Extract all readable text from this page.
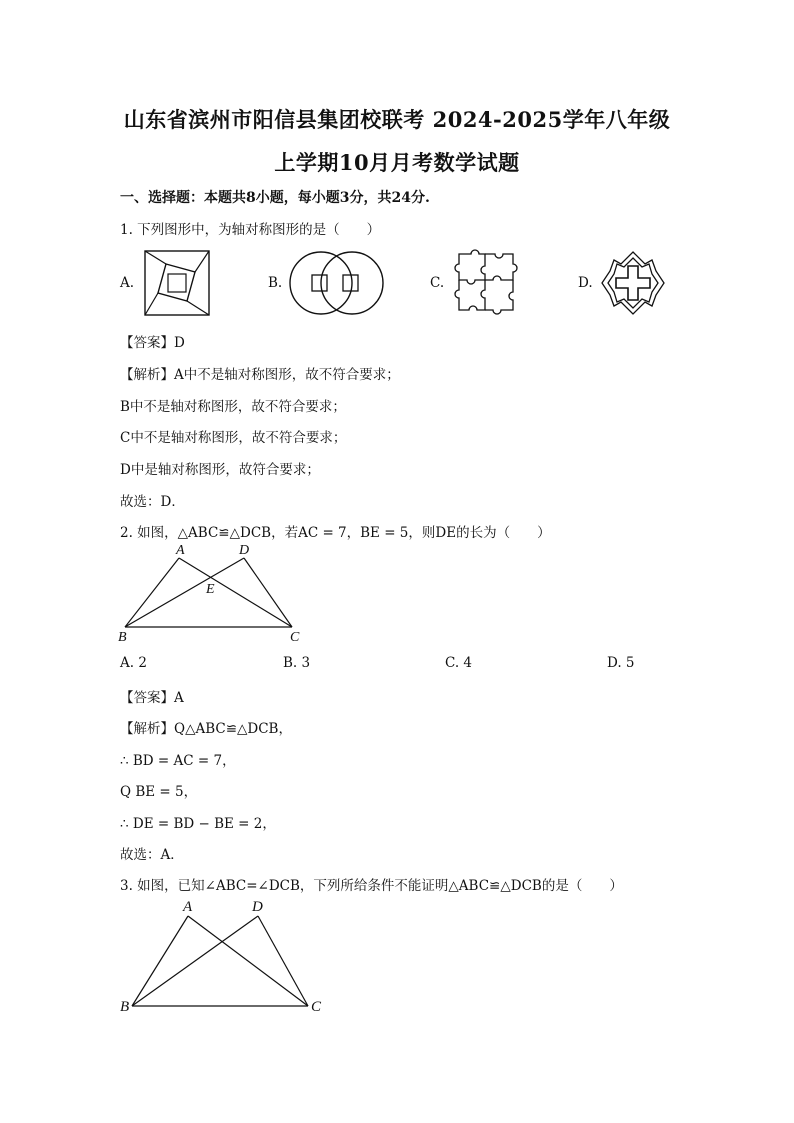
山东省滨州市阳信县集团校联考 2024-2025学年八年级
上学期10月月考数学试题
一、选择题：本题共8小题，每小题3分，共24分.
1. 下列图形中，为轴对称图形的是（　　）
A.	B.	C.	D.
【答案】D
【解析】A中不是轴对称图形，故不符合要求；
B中不是轴对称图形，故不符合要求；
C中不是轴对称图形，故不符合要求；
D中是轴对称图形，故符合要求；
故选：D．
2. 如图，△ABC≌△DCB，若AC = 7，BE = 5，则DE的长为（　　）
A	D
E
B	C
A. 2	B. 3	C. 4	D. 5
【答案】A
【解析】Q△ABC≌△DCB，
∴ BD = AC = 7，
Q BE = 5，
∴ DE = BD − BE = 2，
故选：A．
3. 如图，已知∠ABC=∠DCB，下列所给条件不能证明△ABC≌△DCB的是（　　）
A	D
B	C
